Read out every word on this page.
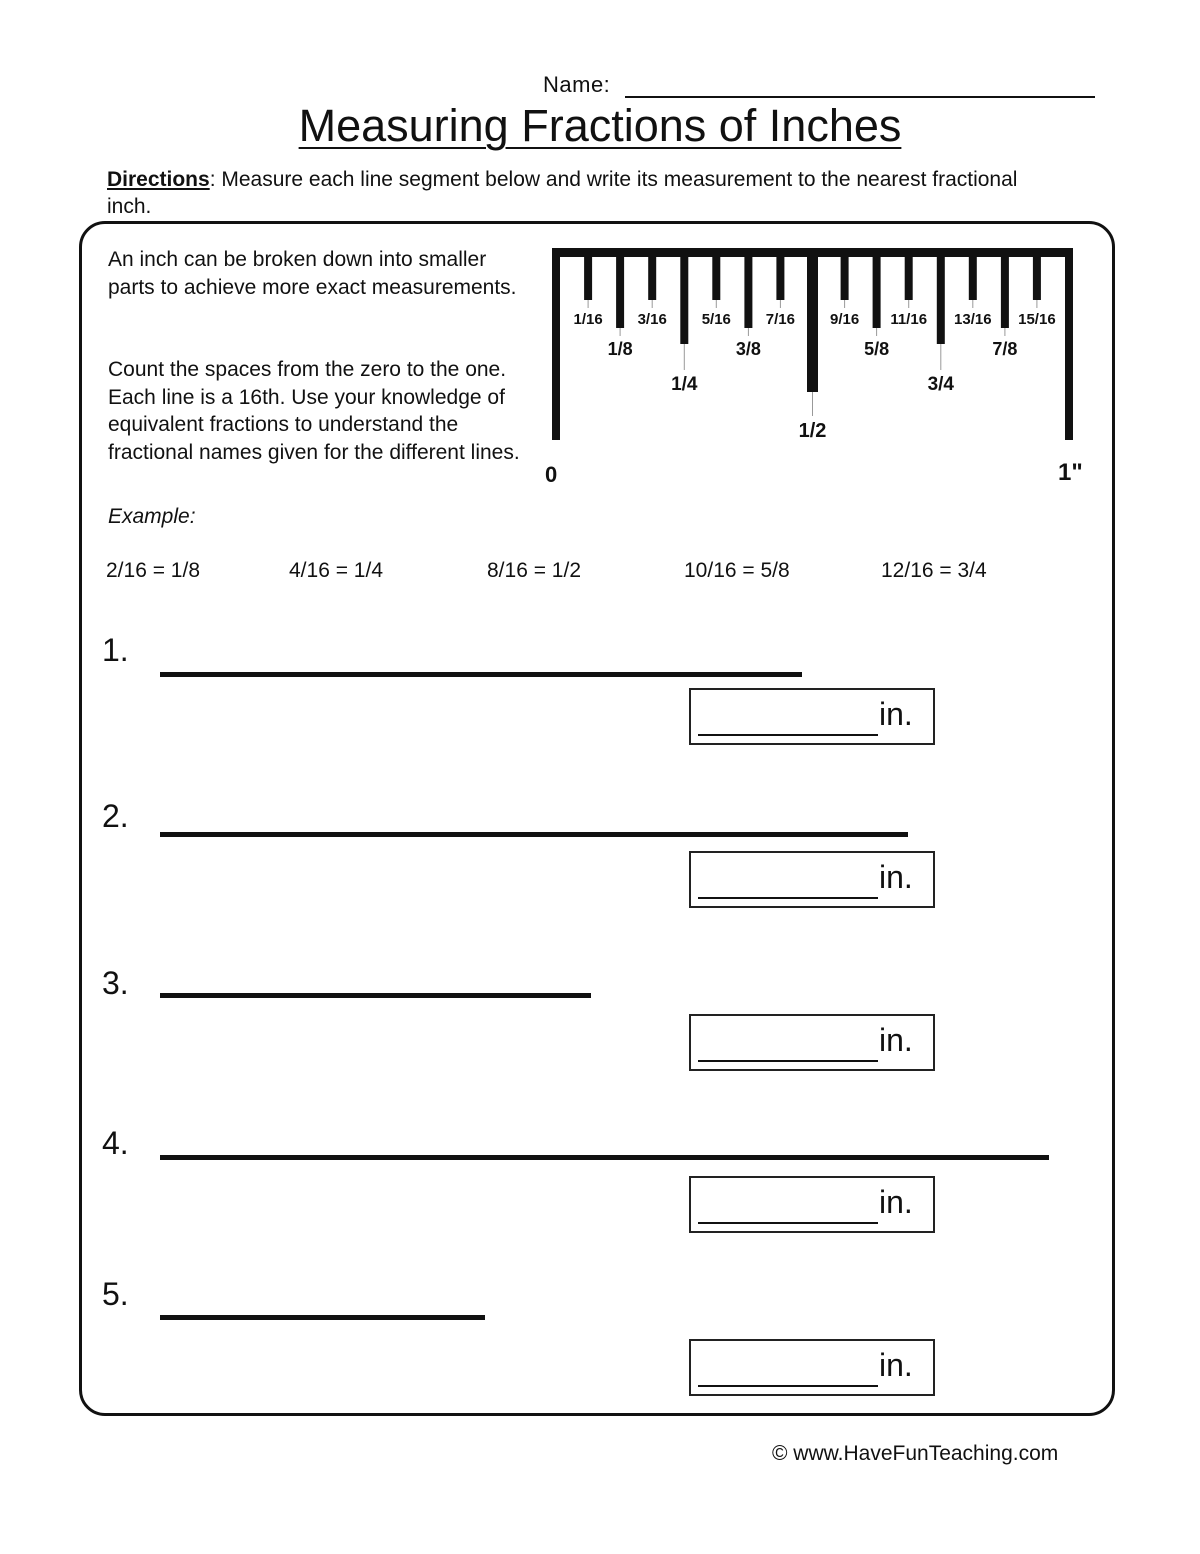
Name:
Measuring Fractions of Inches
Directions: Measure each line segment below and write its measurement to the nearest fractional inch.
An inch can be broken down into smaller parts to achieve more exact measurements.
Count the spaces from the zero to the one. Each line is a 16th. Use your knowledge of equivalent fractions to understand the fractional names given for the different lines.
1/16
1/8
3/16
1/4
5/16
3/8
7/16
1/2
9/16
5/8
11/16
3/4
13/16
7/8
15/16
0	1"
Example:
2/16 = 1/8	4/16 = 1/4	8/16 = 1/2	10/16 = 5/8	12/16 = 3/4
1.
in.
2.
in.
3.
in.
4.
in.
5.
in.
© www.HaveFunTeaching.com
